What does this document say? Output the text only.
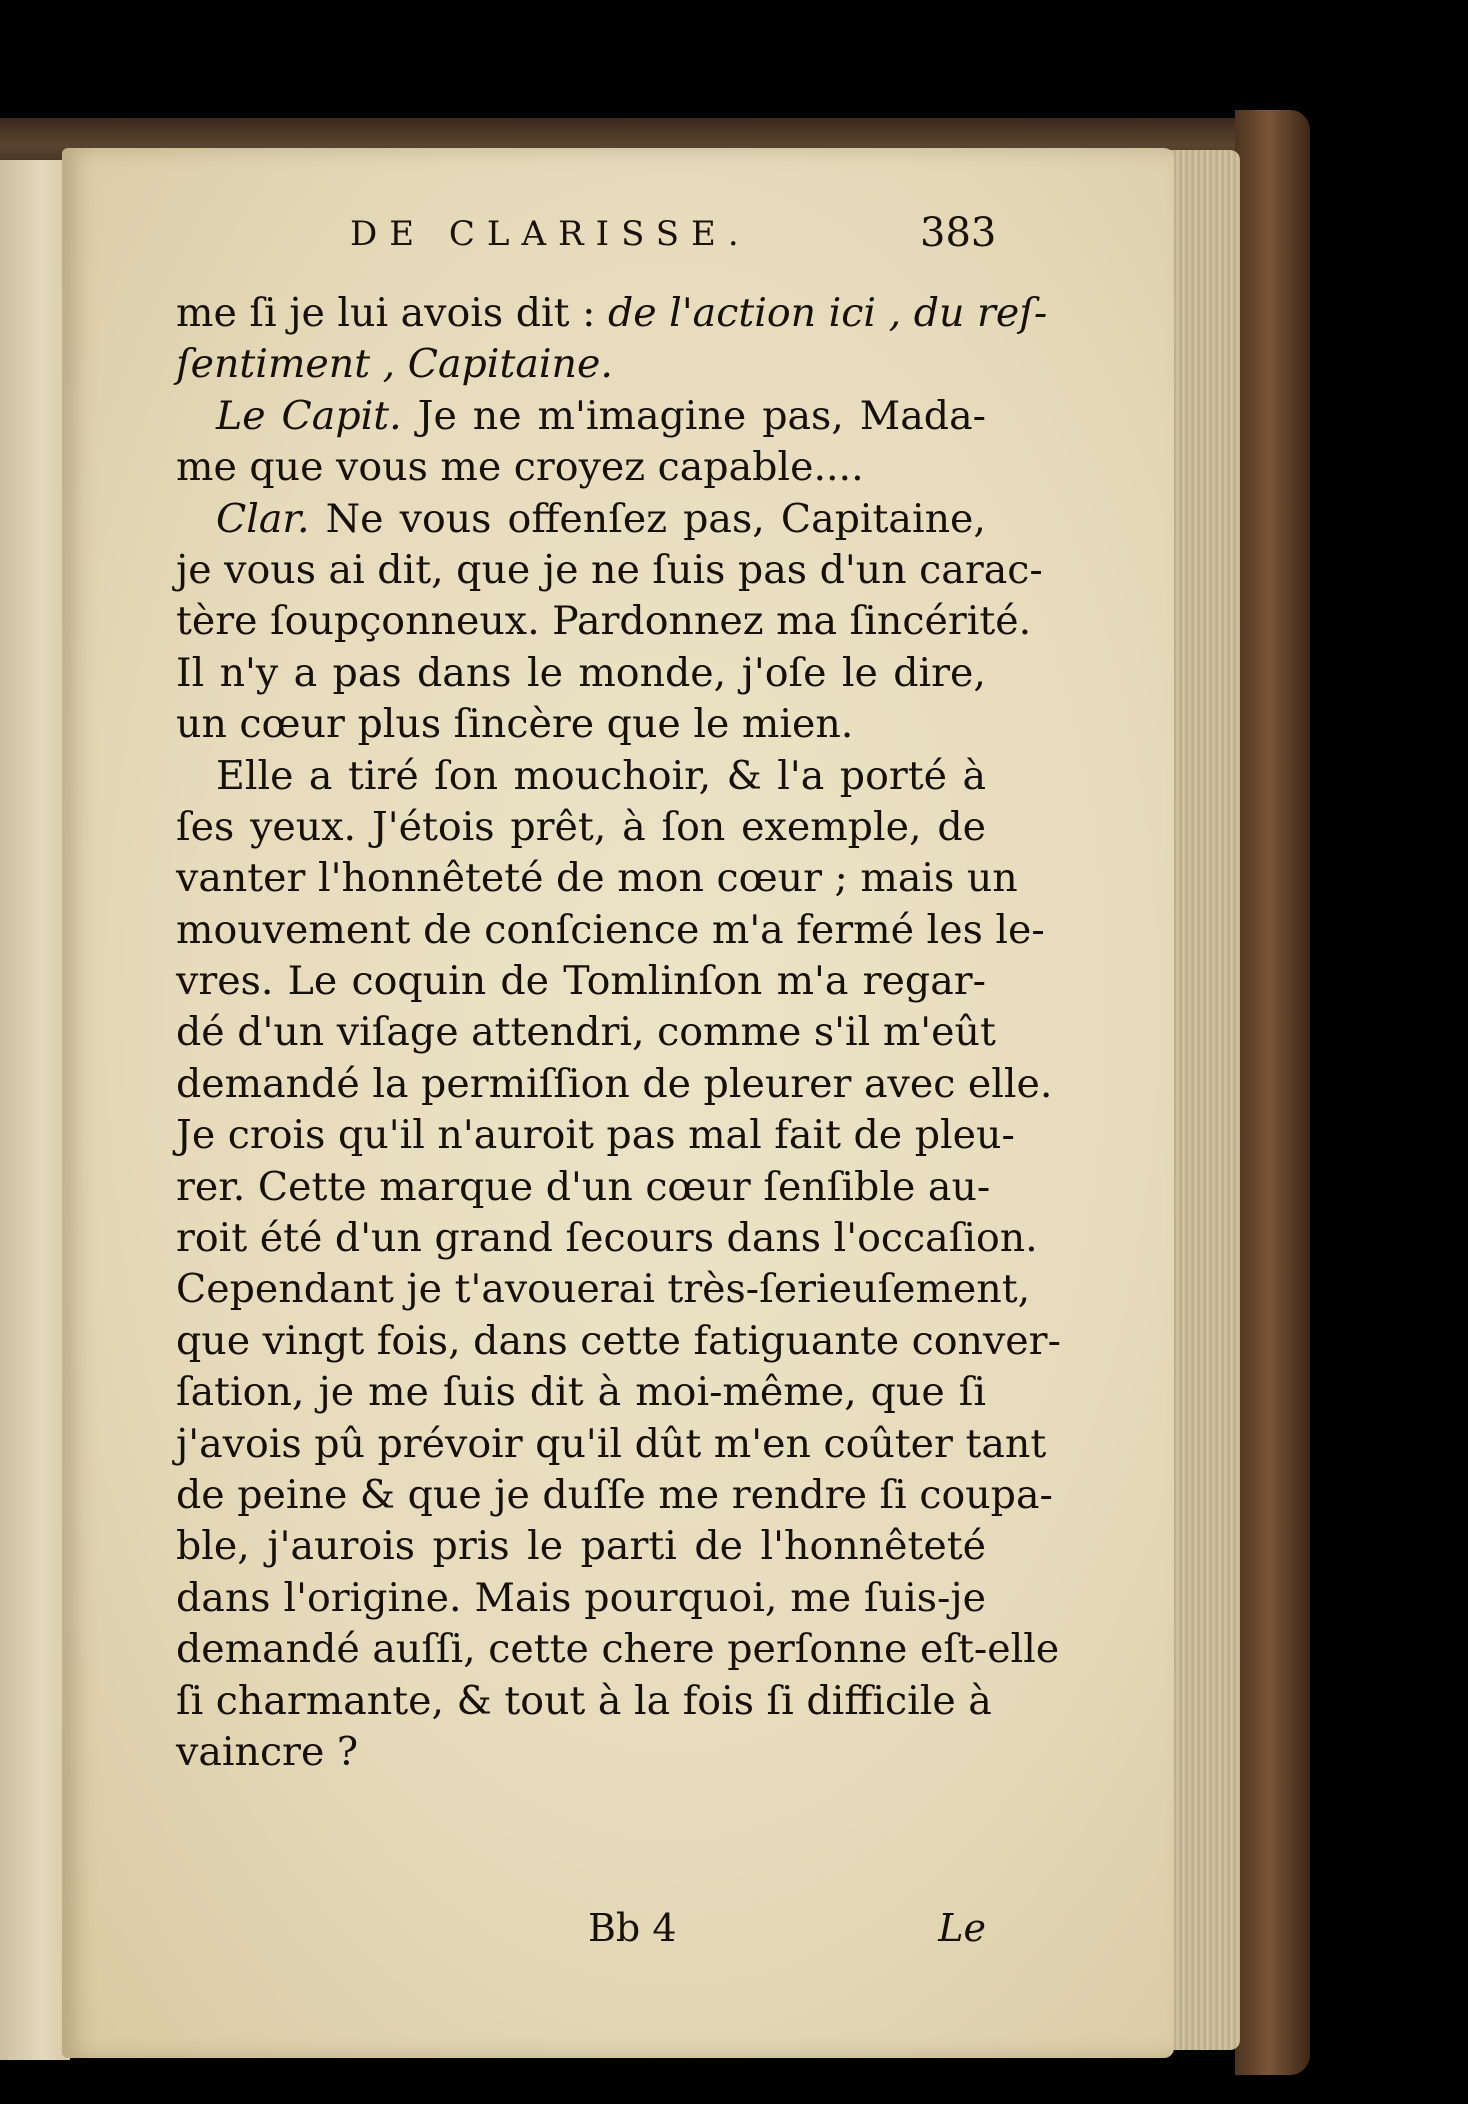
DE CLARISSE.	383
me ſi je lui avois dit : de l'action ici , du reſ-
ſentiment , Capitaine.
Le Capit. Je ne m'imagine pas, Mada-
me que vous me croyez capable....
Clar. Ne vous offenſez pas, Capitaine,
je vous ai dit, que je ne ſuis pas d'un carac-
tère ſoupçonneux. Pardonnez ma ſincérité.
Il n'y a pas dans le monde, j'oſe le dire,
un cœur plus ſincère que le mien.
Elle a tiré ſon mouchoir, & l'a porté à
ſes yeux. J'étois prêt, à ſon exemple, de
vanter l'honnêteté de mon cœur ; mais un
mouvement de conſcience m'a fermé les le-
vres. Le coquin de Tomlinſon m'a regar-
dé d'un viſage attendri, comme s'il m'eût
demandé la permiſſion de pleurer avec elle.
Je crois qu'il n'auroit pas mal fait de pleu-
rer. Cette marque d'un cœur ſenſible au-
roit été d'un grand ſecours dans l'occaſion.
Cependant je t'avouerai très-ſerieuſement,
que vingt fois, dans cette fatiguante conver-
ſation, je me ſuis dit à moi-même, que ſi
j'avois pû prévoir qu'il dût m'en coûter tant
de peine & que je duſſe me rendre ſi coupa-
ble, j'aurois pris le parti de l'honnêteté
dans l'origine. Mais pourquoi, me ſuis-je
demandé auſſi, cette chere perſonne eſt-elle
ſi charmante, & tout à la fois ſi difficile à
vaincre ?
Bb 4	Le
